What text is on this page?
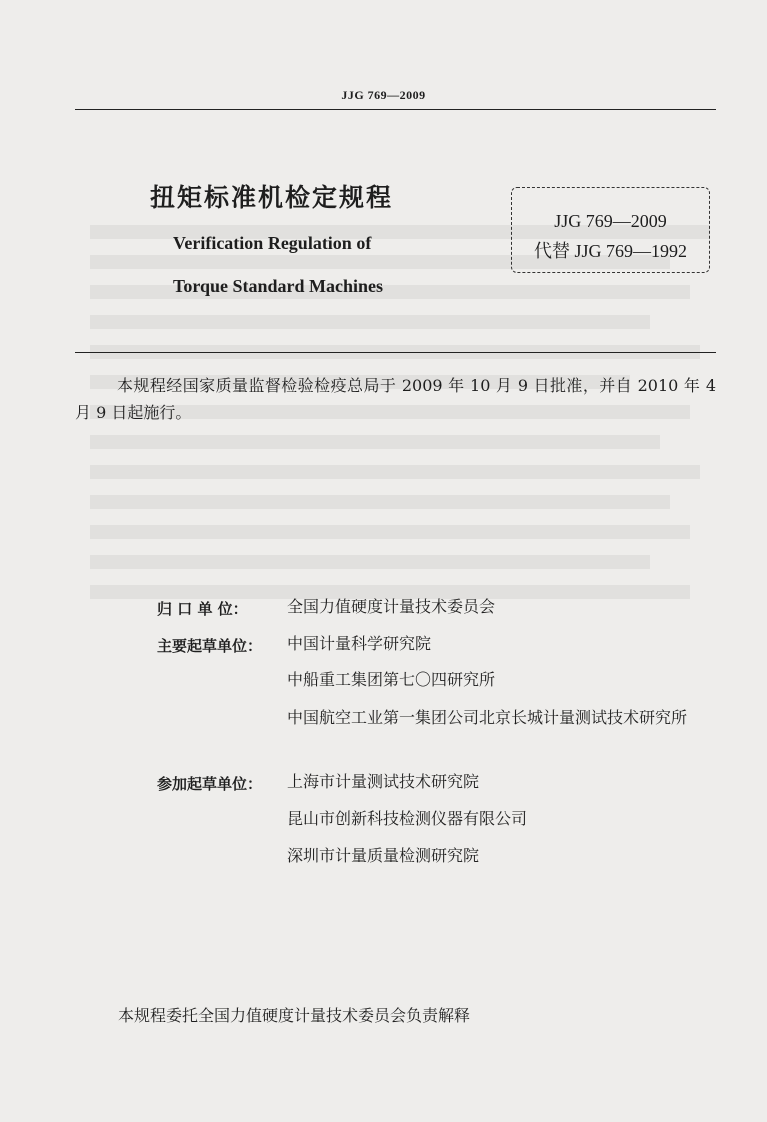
JJG 769—2009
扭矩标准机检定规程
Verification Regulation of
Torque Standard Machines
JJG 769—2009
代替 JJG 769—1992
本规程经国家质量监督检验检疫总局于 2009 年 10 月 9 日批准，并自 2010 年 4 月 9 日起施行。
归 口 单 位：	全国力值硬度计量技术委员会
主要起草单位：	中国计量科学研究院
中船重工集团第七〇四研究所
中国航空工业第一集团公司北京长城计量测试技术研究所
参加起草单位：	上海市计量测试技术研究院
昆山市创新科技检测仪器有限公司
深圳市计量质量检测研究院
本规程委托全国力值硬度计量技术委员会负责解释
